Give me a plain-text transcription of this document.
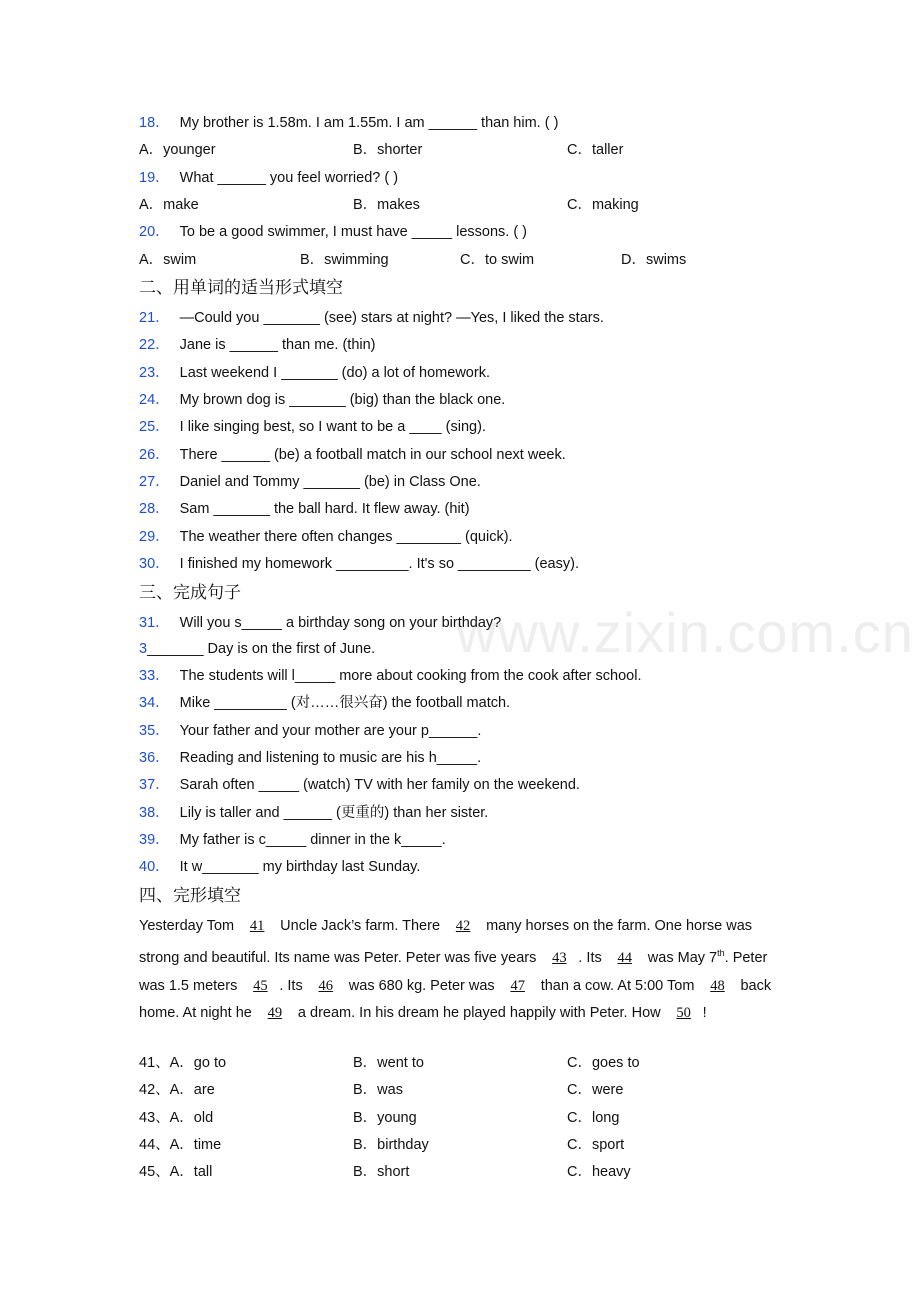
www.zixin.com.cn
18． My brother is 1.58m. I am 1.55m. I am ______ than him. ( )
A．younger	B．shorter	C．taller
19． What ______ you feel worried? ( )
A．make	B．makes	C．making
20． To be a good swimmer, I must have _____ lessons. ( )
A．swim	B．swimming	C．to swim	D．swims
二、用单词的适当形式填空
21． —Could you _______ (see) stars at night? —Yes, I liked the stars.
22． Jane is ______ than me. (thin)
23． Last weekend I _______ (do) a lot of homework.
24． My brown dog is _______ (big) than the black one.
25． I like singing best, so I want to be a ____ (sing).
26． There ______ (be) a football match in our school next week.
27． Daniel and Tommy _______ (be) in Class One.
28． Sam _______ the ball hard. It flew away. (hit)
29． The weather there often changes ________ (quick).
30． I finished my homework _________. It's so _________ (easy).
三、完成句子
31． Will you s_____ a birthday song on your birthday?
3_______ Day is on the first of June.
33． The students will l_____ more about cooking from the cook after school.
34． Mike _________ (对……很兴奋) the football match.
35． Your father and your mother are your p______.
36． Reading and listening to music are his h_____.
37． Sarah often _____ (watch) TV with her family on the weekend.
38． Lily is taller and ______ (更重的) than her sister.
39． My father is c_____ dinner in the k_____.
40． It w_______ my birthday last Sunday.
四、完形填空
Yesterday Tom 41 Uncle Jack’s farm. There 42 many horses on the farm. One horse was strong and beautiful. Its name was Peter. Peter was five years 43 . Its 44 was May 7th. Peter was 1.5 meters 45 . Its 46 was 680 kg. Peter was 47 than a cow. At 5:00 Tom 48 back home. At night he 49 a dream. In his dream he played happily with Peter. How 50 !
41、A．go to	B．went to	C．goes to
42、A．are	B．was	C．were
43、A．old	B．young	C．long
44、A．time	B．birthday	C．sport
45、A．tall	B．short	C．heavy
